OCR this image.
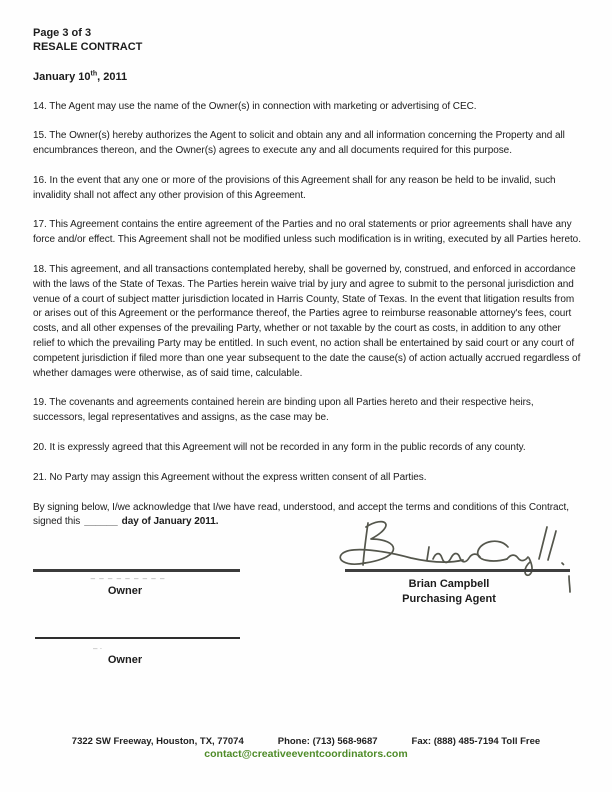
Page 3 of 3
RESALE CONTRACT
January 10th, 2011

14. The Agent may use the name of the Owner(s) in connection with marketing or advertising of CEC.

15. The Owner(s) hereby authorizes the Agent to solicit and obtain any and all information concerning the Property and all encumbrances thereon, and the Owner(s) agrees to execute any and all documents required for this purpose.

16. In the event that any one or more of the provisions of this Agreement shall for any reason be held to be invalid, such invalidity shall not affect any other provision of this Agreement.

17. This Agreement contains the entire agreement of the Parties and no oral statements or prior agreements shall have any force and/or effect. This Agreement shall not be modified unless such modification is in writing, executed by all Parties hereto.

18. This agreement, and all transactions contemplated hereby, shall be governed by, construed, and enforced in accordance with the laws of the State of Texas. The Parties herein waive trial by jury and agree to submit to the personal jurisdiction and venue of a court of subject matter jurisdiction located in Harris County, State of Texas. In the event that litigation results from or arises out of this Agreement or the performance thereof, the Parties agree to reimburse reasonable attorney's fees, court costs, and all other expenses of the prevailing Party, whether or not taxable by the court as costs, in addition to any other relief to which the prevailing Party may be entitled. In such event, no action shall be entertained by said court or any court of competent jurisdiction if filed more than one year subsequent to the date the cause(s) of action actually accrued regardless of whether damages were otherwise, as of said time, calculable.

19. The covenants and agreements contained herein are binding upon all Parties hereto and their respective heirs, successors, legal representatives and assigns, as the case may be.

20. It is expressly agreed that this Agreement will not be recorded in any form in the public records of any county.

21. No Party may assign this Agreement without the express written consent of all Parties.

By signing below, I/we acknowledge that I/we have read, understood, and accept the terms and conditions of this Contract, signed this ______ day of January 2011.

Brian Campbell
Purchasing Agent
– – – – – – – – –
Owner
– ·
Owner
7322 SW Freeway, Houston, TX, 77074	Phone: (713) 568-9687	Fax: (888) 485-7194 Toll Free
contact@creativeeventcoordinators.com
